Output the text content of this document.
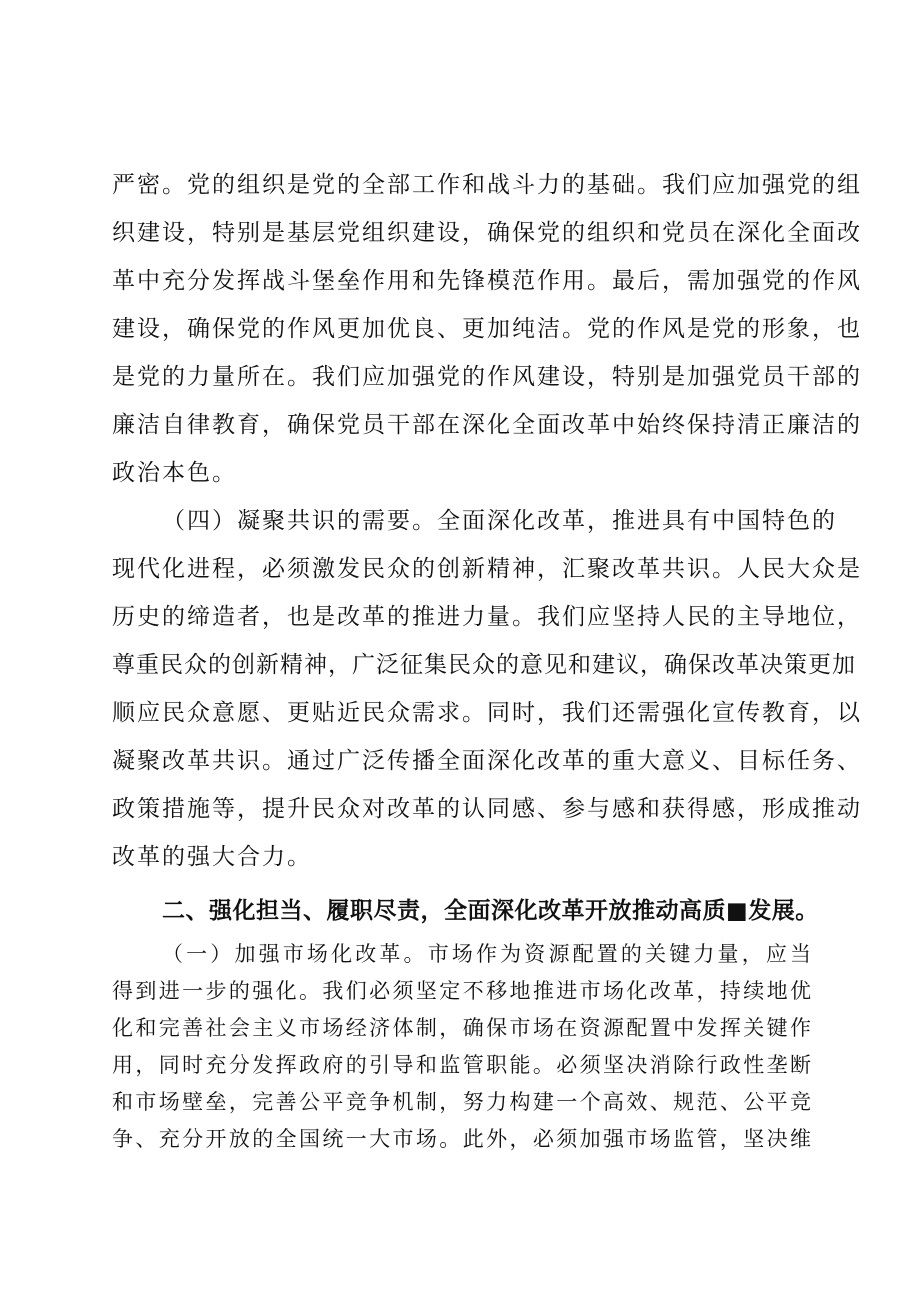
严密。党的组织是党的全部工作和战斗力的基础。我们应加强党的组
织建设，特别是基层党组织建设，确保党的组织和党员在深化全面改
革中充分发挥战斗堡垒作用和先锋模范作用。最后，需加强党的作风
建设，确保党的作风更加优良、更加纯洁。党的作风是党的形象，也
是党的力量所在。我们应加强党的作风建设，特别是加强党员干部的
廉洁自律教育，确保党员干部在深化全面改革中始终保持清正廉洁的
政治本色。
（四）凝聚共识的需要。全面深化改革，推进具有中国特色的
现代化进程，必须激发民众的创新精神，汇聚改革共识。人民大众是
历史的缔造者，也是改革的推进力量。我们应坚持人民的主导地位，
尊重民众的创新精神，广泛征集民众的意见和建议，确保改革决策更加
顺应民众意愿、更贴近民众需求。同时，我们还需强化宣传教育，以
凝聚改革共识。通过广泛传播全面深化改革的重大意义、目标任务、
政策措施等，提升民众对改革的认同感、参与感和获得感，形成推动
改革的强大合力。
二、强化担当、履职尽责，全面深化改革开放推动高质■发展。
（一）加强市场化改革。市场作为资源配置的关键力量，应当
得到进一步的强化。我们必须坚定不移地推进市场化改革，持续地优
化和完善社会主义市场经济体制，确保市场在资源配置中发挥关键作
用，同时充分发挥政府的引导和监管职能。必须坚决消除行政性垄断
和市场壁垒，完善公平竞争机制，努力构建一个高效、规范、公平竞
争、充分开放的全国统一大市场。此外，必须加强市场监管，坚决维
